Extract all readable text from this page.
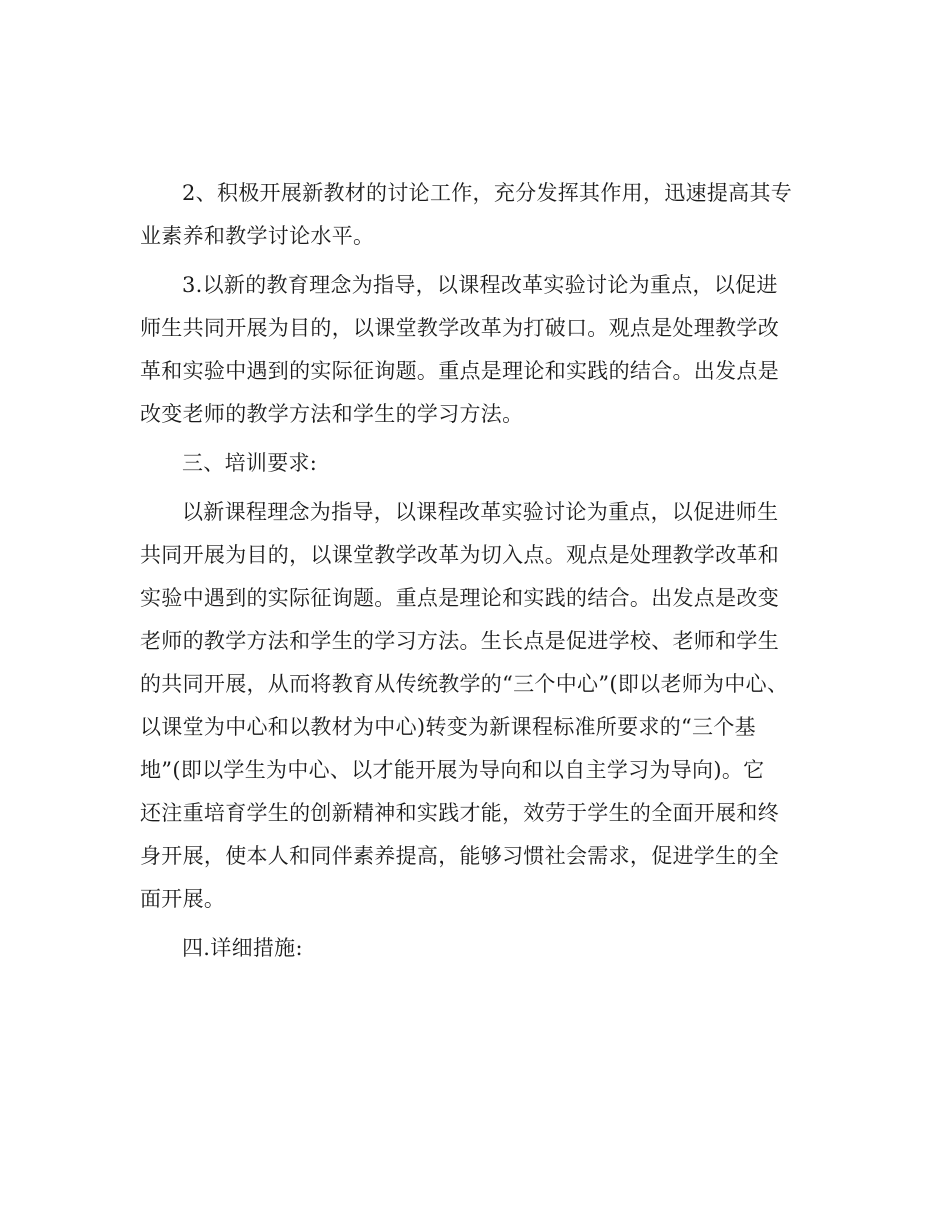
2、积极开展新教材的讨论工作，充分发挥其作用，迅速提高其专
业素养和教学讨论水平。
3.以新的教育理念为指导，以课程改革实验讨论为重点，以促进
师生共同开展为目的，以课堂教学改革为打破口。观点是处理教学改
革和实验中遇到的实际征询题。重点是理论和实践的结合。出发点是
改变老师的教学方法和学生的学习方法。
三、培训要求:
以新课程理念为指导，以课程改革实验讨论为重点，以促进师生
共同开展为目的，以课堂教学改革为切入点。观点是处理教学改革和
实验中遇到的实际征询题。重点是理论和实践的结合。出发点是改变
老师的教学方法和学生的学习方法。生长点是促进学校、老师和学生
的共同开展，从而将教育从传统教学的“三个中心”(即以老师为中心、
以课堂为中心和以教材为中心)转变为新课程标准所要求的“三个基
地”(即以学生为中心、以才能开展为导向和以自主学习为导向)。它
还注重培育学生的创新精神和实践才能，效劳于学生的全面开展和终
身开展，使本人和同伴素养提高，能够习惯社会需求，促进学生的全
面开展。
四.详细措施:
